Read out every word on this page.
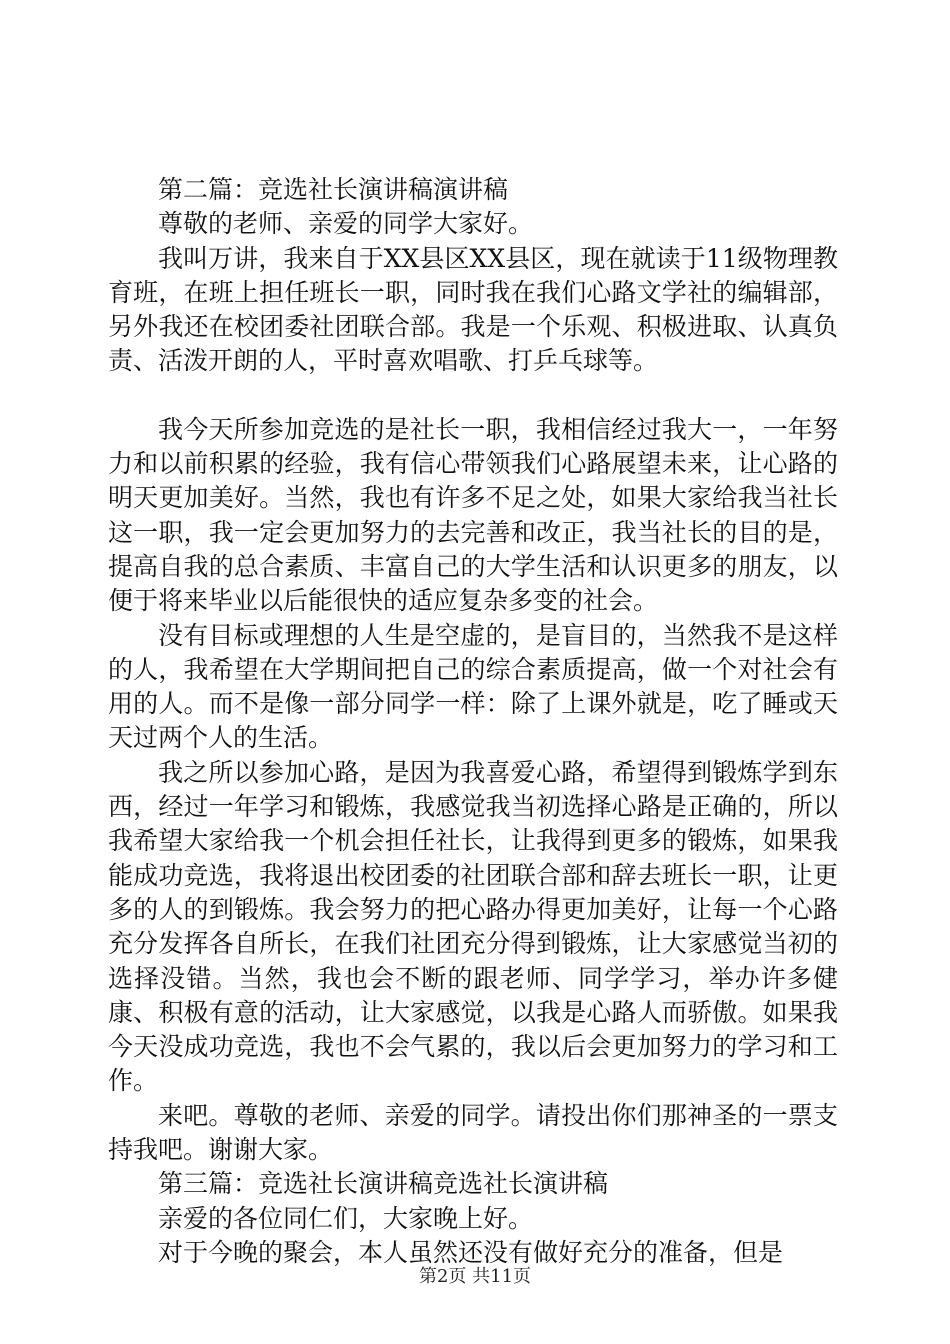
第二篇：竞选社长演讲稿演讲稿

尊敬的老师、亲爱的同学大家好。

我叫万讲，我来自于XX县区XX县区，现在就读于11级物理教育班，在班上担任班长一职，同时我在我们心路文学社的编辑部，另外我还在校团委社团联合部。我是一个乐观、积极进取、认真负责、活泼开朗的人，平时喜欢唱歌、打乒乓球等。

我今天所参加竞选的是社长一职，我相信经过我大一，一年努力和以前积累的经验，我有信心带领我们心路展望未来，让心路的明天更加美好。当然，我也有许多不足之处，如果大家给我当社长这一职，我一定会更加努力的去完善和改正，我当社长的目的是，提高自我的总合素质、丰富自己的大学生活和认识更多的朋友，以便于将来毕业以后能很快的适应复杂多变的社会。

没有目标或理想的人生是空虚的，是盲目的，当然我不是这样的人，我希望在大学期间把自己的综合素质提高，做一个对社会有用的人。而不是像一部分同学一样：除了上课外就是，吃了睡或天天过两个人的生活。

我之所以参加心路，是因为我喜爱心路，希望得到锻炼学到东西，经过一年学习和锻炼，我感觉我当初选择心路是正确的，所以我希望大家给我一个机会担任社长，让我得到更多的锻炼，如果我能成功竞选，我将退出校团委的社团联合部和辞去班长一职，让更多的人的到锻炼。我会努力的把心路办得更加美好，让每一个心路充分发挥各自所长，在我们社团充分得到锻炼，让大家感觉当初的选择没错。当然，我也会不断的跟老师、同学学习，举办许多健康、积极有意的活动，让大家感觉，以我是心路人而骄傲。如果我今天没成功竞选，我也不会气累的，我以后会更加努力的学习和工作。

来吧。尊敬的老师、亲爱的同学。请投出你们那神圣的一票支持我吧。谢谢大家。

第三篇：竞选社长演讲稿竞选社长演讲稿

亲爱的各位同仁们，大家晚上好。

对于今晚的聚会，本人虽然还没有做好充分的准备，但是

第2页 共11页
